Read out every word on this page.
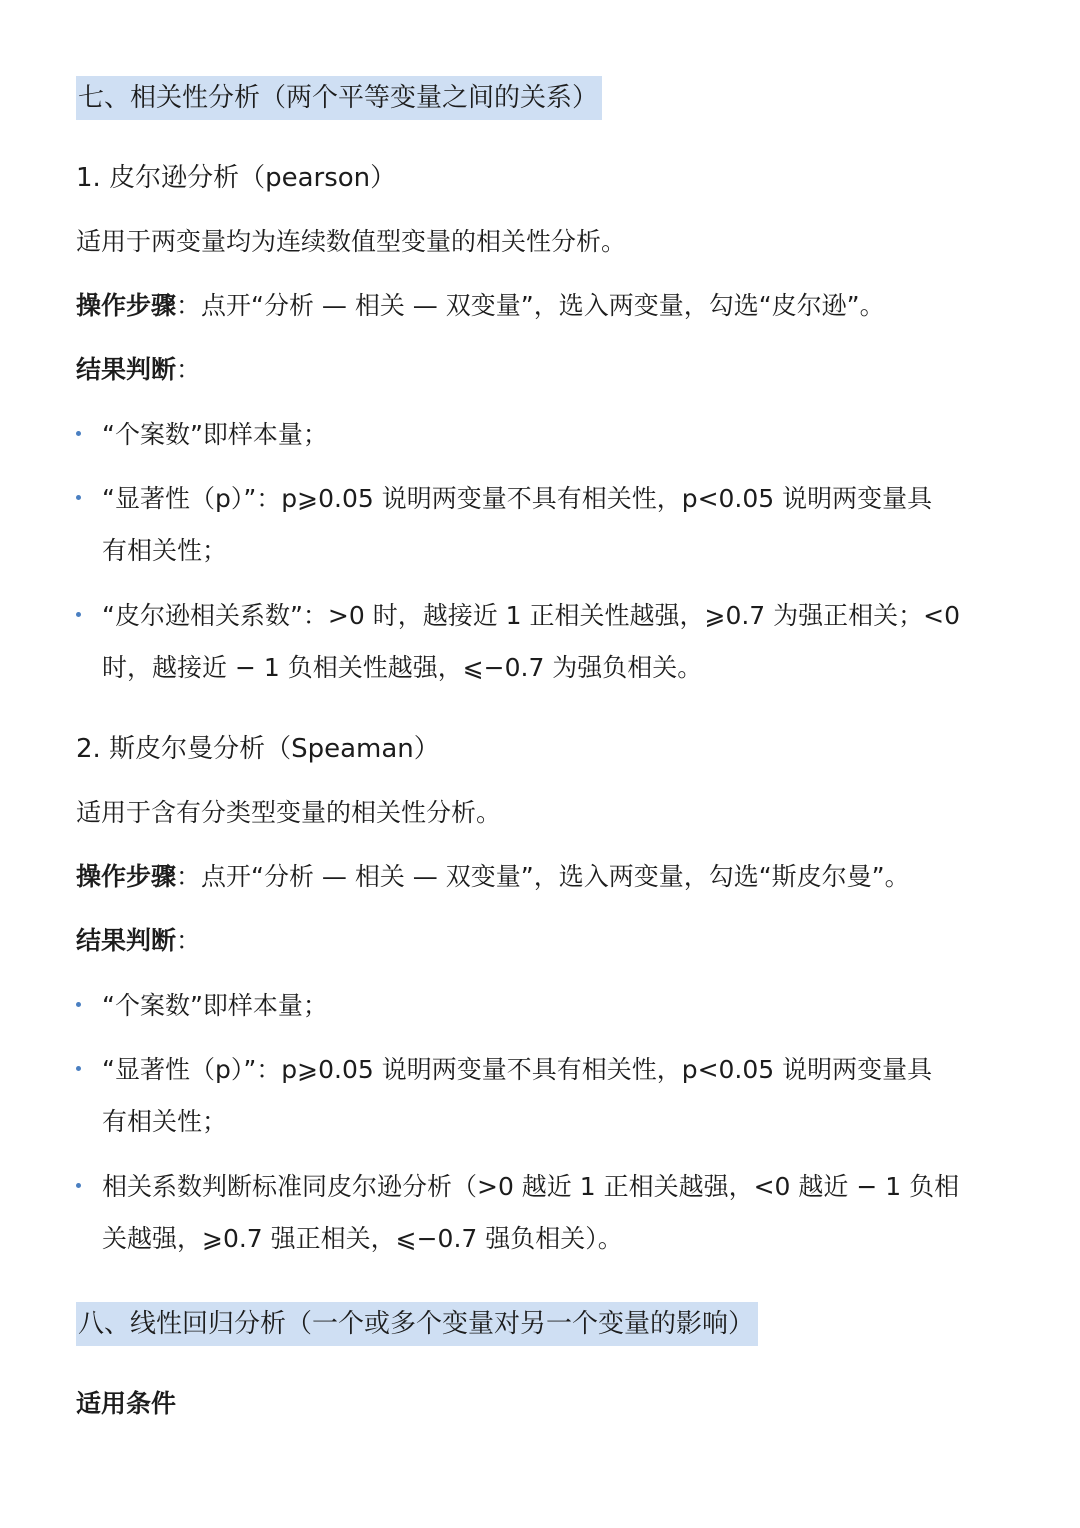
七、相关性分析（两个平等变量之间的关系）
1. 皮尔逊分析（pearson）
适用于两变量均为连续数值型变量的相关性分析。
操作步骤：点开“分析 — 相关 — 双变量”，选入两变量，勾选“皮尔逊”。
结果判断：
“个案数”即样本量；
“显著性（p）”：p⩾0.05 说明两变量不具有相关性，p<0.05 说明两变量具
有相关性；
“皮尔逊相关系数”：>0 时，越接近 1 正相关性越强，⩾0.7 为强正相关；<0
时，越接近 − 1 负相关性越强，⩽−0.7 为强负相关。
2. 斯皮尔曼分析（Speaman）
适用于含有分类型变量的相关性分析。
操作步骤：点开“分析 — 相关 — 双变量”，选入两变量，勾选“斯皮尔曼”。
结果判断：
“个案数”即样本量；
“显著性（p）”：p⩾0.05 说明两变量不具有相关性，p<0.05 说明两变量具
有相关性；
相关系数判断标准同皮尔逊分析（>0 越近 1 正相关越强，<0 越近 − 1 负相
关越强，⩾0.7 强正相关，⩽−0.7 强负相关）。
八、线性回归分析（一个或多个变量对另一个变量的影响）
适用条件
